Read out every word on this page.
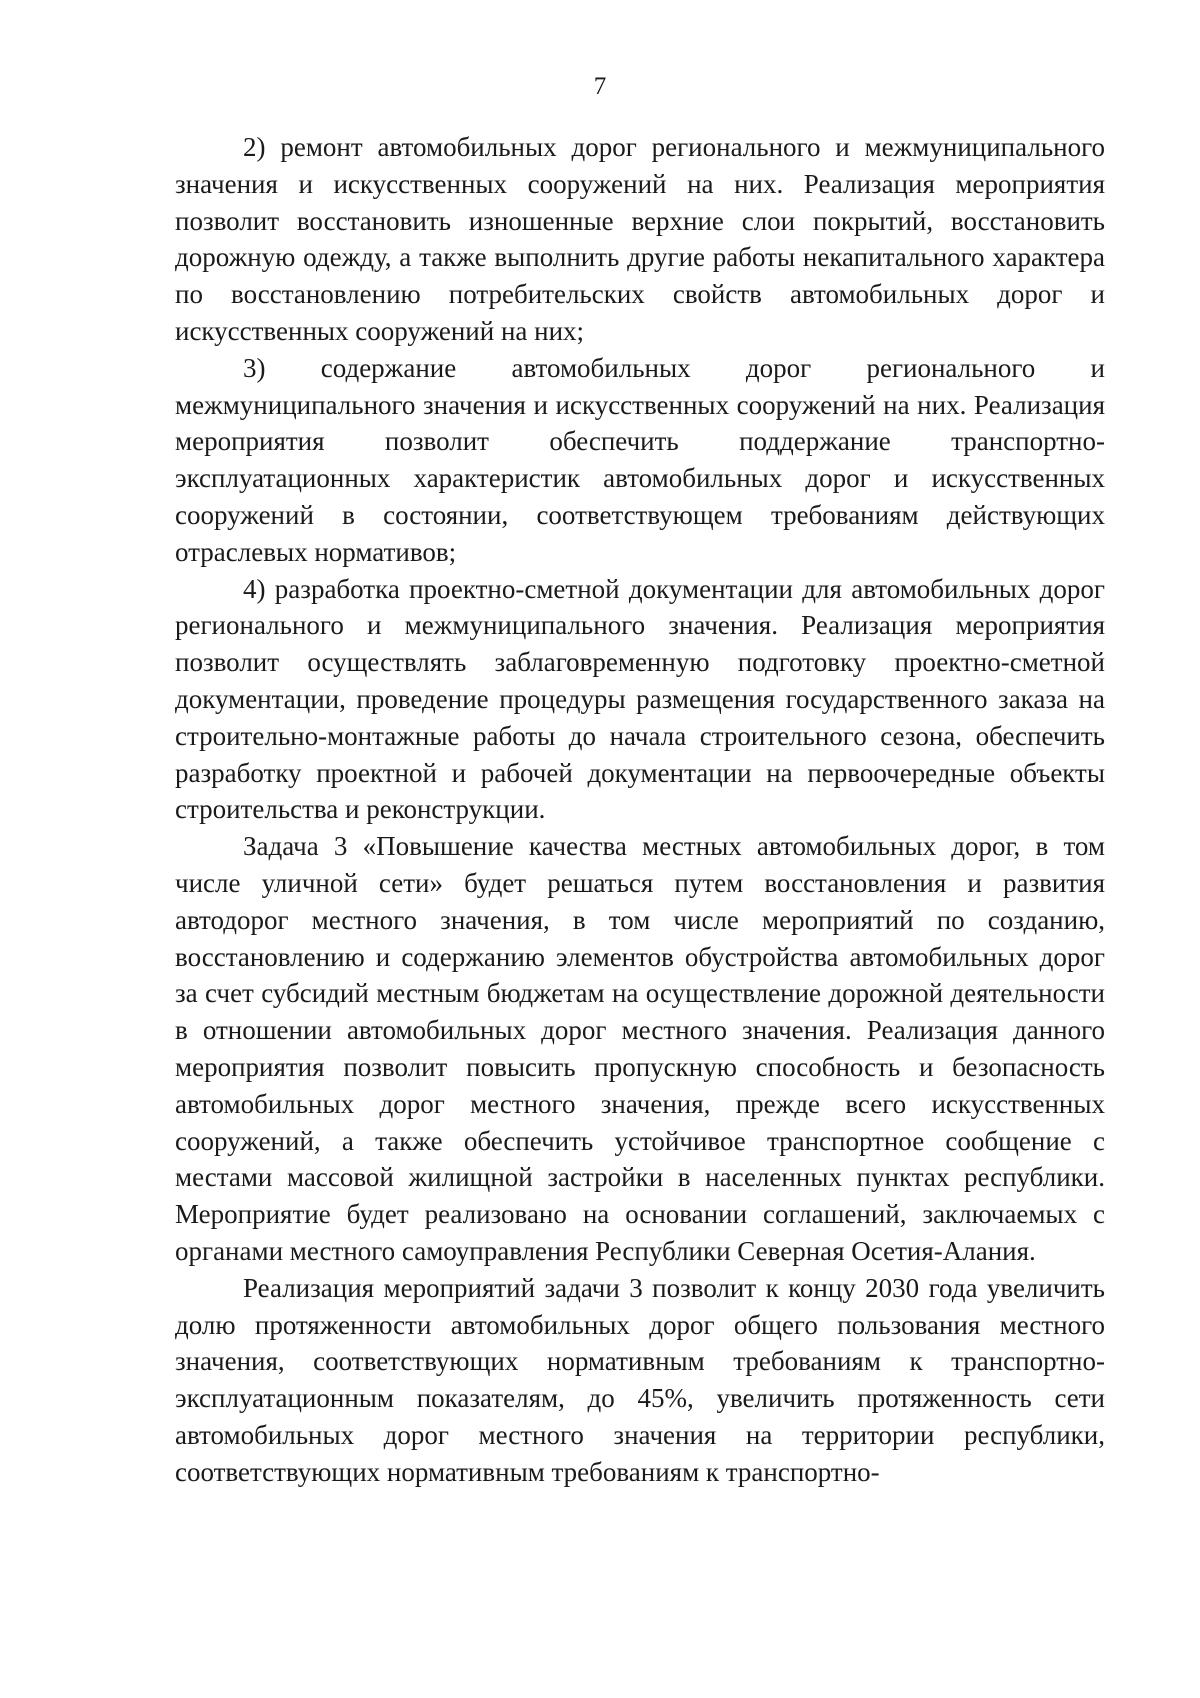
7

2) ремонт автомобильных дорог регионального и межмуниципального значения и искусственных сооружений на них. Реализация мероприятия позволит восстановить изношенные верхние слои покрытий, восстановить дорожную одежду, а также выполнить другие работы некапитального характера по восстановлению потребительских свойств автомобильных дорог и искусственных сооружений на них;

3) содержание автомобильных дорог регионального и межмуниципального значения и искусственных сооружений на них. Реализация мероприятия позволит обеспечить поддержание транспортно-эксплуатационных характеристик автомобильных дорог и искусственных сооружений в состоянии, соответствующем требованиям действующих отраслевых нормативов;

4) разработка проектно-сметной документации для автомобильных дорог регионального и межмуниципального значения. Реализация мероприятия позволит осуществлять заблаговременную подготовку проектно-сметной документации, проведение процедуры размещения государственного заказа на строительно-монтажные работы до начала строительного сезона, обеспечить разработку проектной и рабочей документации на первоочередные объекты строительства и реконструкции.

Задача 3 «Повышение качества местных автомобильных дорог, в том числе уличной сети» будет решаться путем восстановления и развития автодорог местного значения, в том числе мероприятий по созданию, восстановлению и содержанию элементов обустройства автомобильных дорог за счет субсидий местным бюджетам на осуществление дорожной деятельности в отношении автомобильных дорог местного значения. Реализация данного мероприятия позволит повысить пропускную способность и безопасность автомобильных дорог местного значения, прежде всего искусственных сооружений, а также обеспечить устойчивое транспортное сообщение с местами массовой жилищной застройки в населенных пунктах республики. Мероприятие будет реализовано на основании соглашений, заключаемых с органами местного самоуправления Республики Северная Осетия-Алания.

Реализация мероприятий задачи 3 позволит к концу 2030 года увеличить долю протяженности автомобильных дорог общего пользования местного значения, соответствующих нормативным требованиям к транспортно-эксплуатационным показателям, до 45%, увеличить протяженность сети автомобильных дорог местного значения на территории республики, соответствующих нормативным требованиям к транспортно-
